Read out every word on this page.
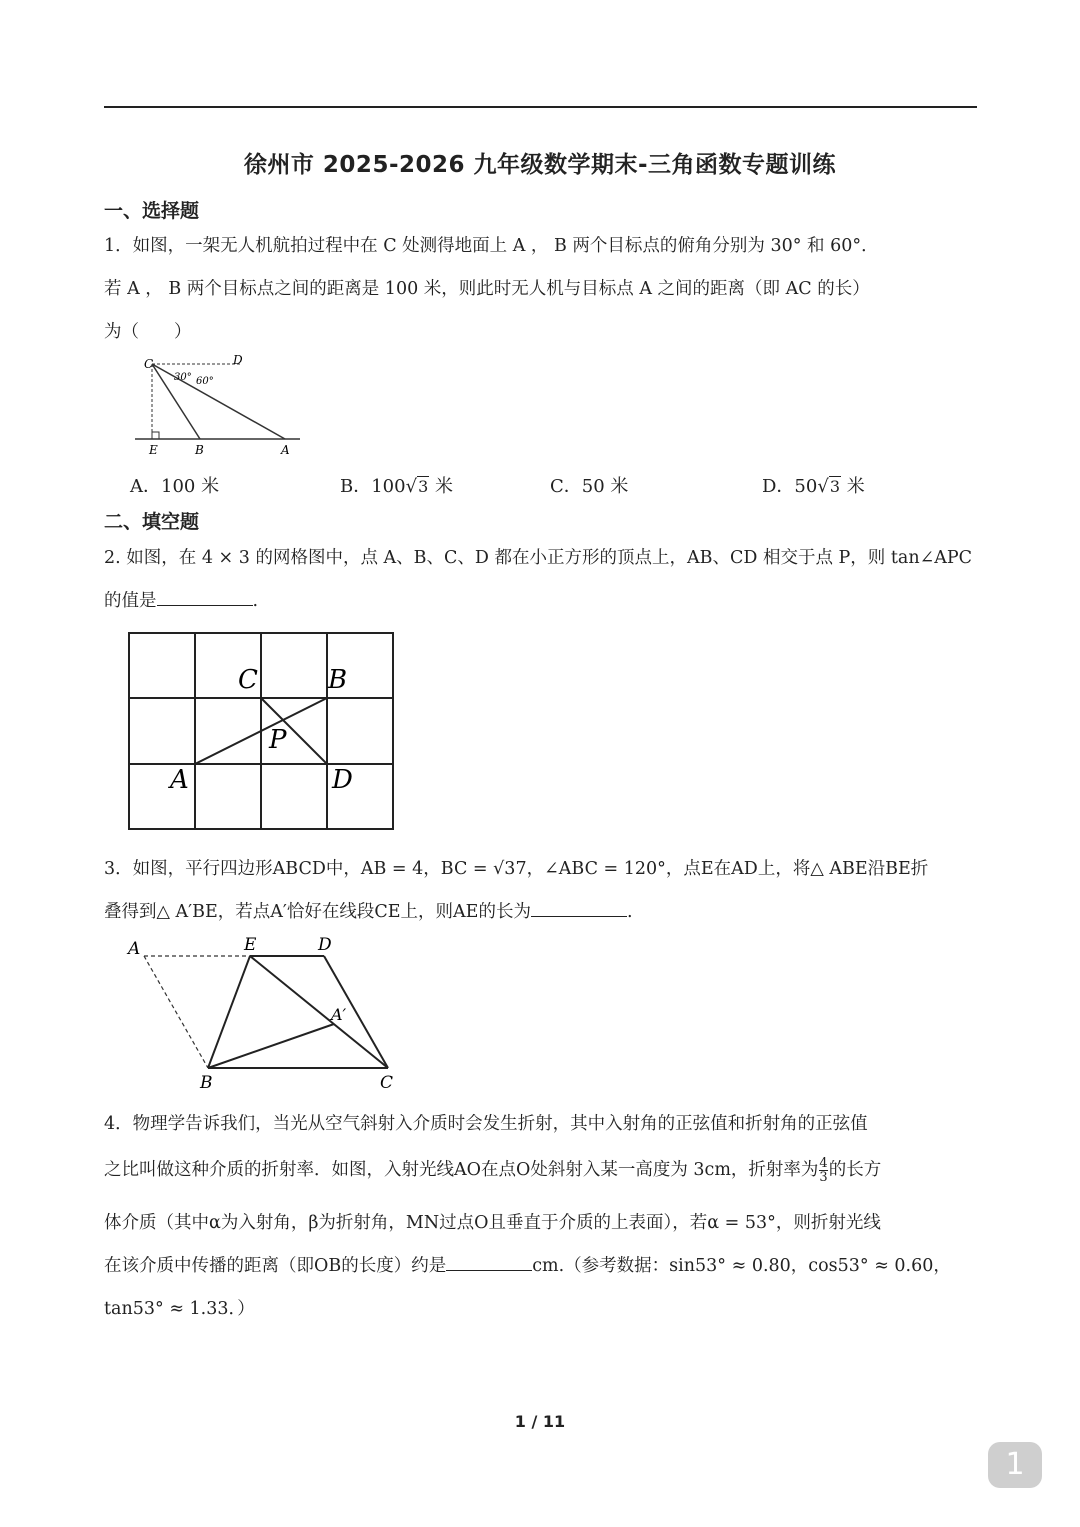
徐州市 2025-2026 九年级数学期末-三角函数专题训练
一、选择题
1．如图，一架无人机航拍过程中在 C 处测得地面上 A ， B 两个目标点的俯角分别为 30° 和 60°．
若 A ， B 两个目标点之间的距离是 100 米，则此时无人机与目标点 A 之间的距离（即 AC 的长）
为（　　）
C	D
30° 60°
E	B	A
A．100 米	B．100√3 米	C．50 米	D．50√3 米
二、填空题
2. 如图，在 4 × 3 的网格图中，点 A、B、C、D 都在小正方形的顶点上，AB、CD 相交于点 P，则 tan∠APC
的值是	.
C	B
P
A	D
3．如图，平行四边形ABCD中，AB = 4，BC = √37，∠ABC = 120°，点E在AD上，将△ ABE沿BE折
叠得到△ A′BE，若点A′恰好在线段CE上，则AE的长为	.
A	E	D
A′
B	C
4．物理学告诉我们，当光从空气斜射入介质时会发生折射，其中入射角的正弦值和折射角的正弦值
之比叫做这种介质的折射率．如图，入射光线AO在点O处斜射入某一高度为 3cm，折射率为 $\frac{4}{3}$ 的长方
体介质（其中α为入射角，β为折射角，MN过点O且垂直于介质的上表面），若α = 53°，则折射光线
在该介质中传播的距离（即OB的长度）约是	cm.（参考数据：sin53° ≈ 0.80，cos53° ≈ 0.60，
tan53° ≈ 1.33．）
1 / 11
1
